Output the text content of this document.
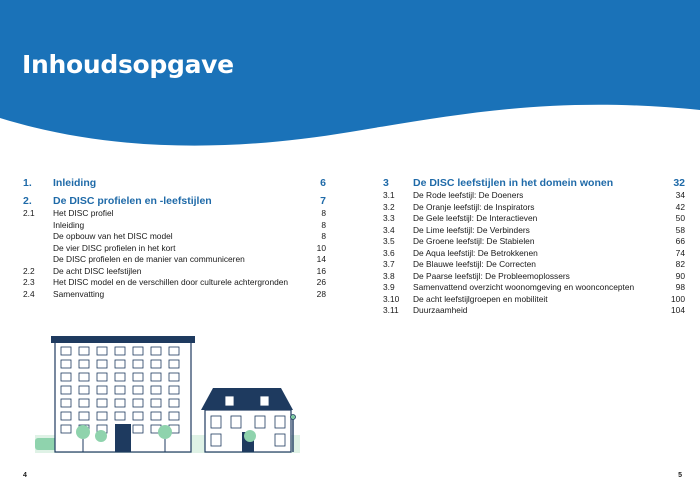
Inhoudsopgave
1.	Inleiding	6
2.	De DISC profielen en -leefstijlen	7
2.1	Het DISC profiel	8
Inleiding	8
De opbouw van het DISC model	8
De vier DISC profielen in het kort	10
De DISC profielen en de manier van communiceren	14
2.2	De acht DISC leefstijlen	16
2.3	Het DISC model en de verschillen door culturele achtergronden	26
2.4	Samenvatting	28
3	De DISC leefstijlen in het domein wonen	32
3.1	De Rode leefstijl: De Doeners	34
3.2	De Oranje leefstijl: de Inspirators	42
3.3	De Gele leefstijl: De Interactieven	50
3.4	De Lime leefstijl: De Verbinders	58
3.5	De Groene leefstijl: De Stabielen	66
3.6	De Aqua leefstijl: De Betrokkenen	74
3.7	De Blauwe leefstijl: De Correcten	82
3.8	De Paarse leefstijl: De Probleemoplossers	90
3.9	Samenvattend overzicht woonomgeving en woonconcepten	98
3.10	De acht leefstijlgroepen en mobiliteit	100
3.11	Duurzaamheid	104
4	5
